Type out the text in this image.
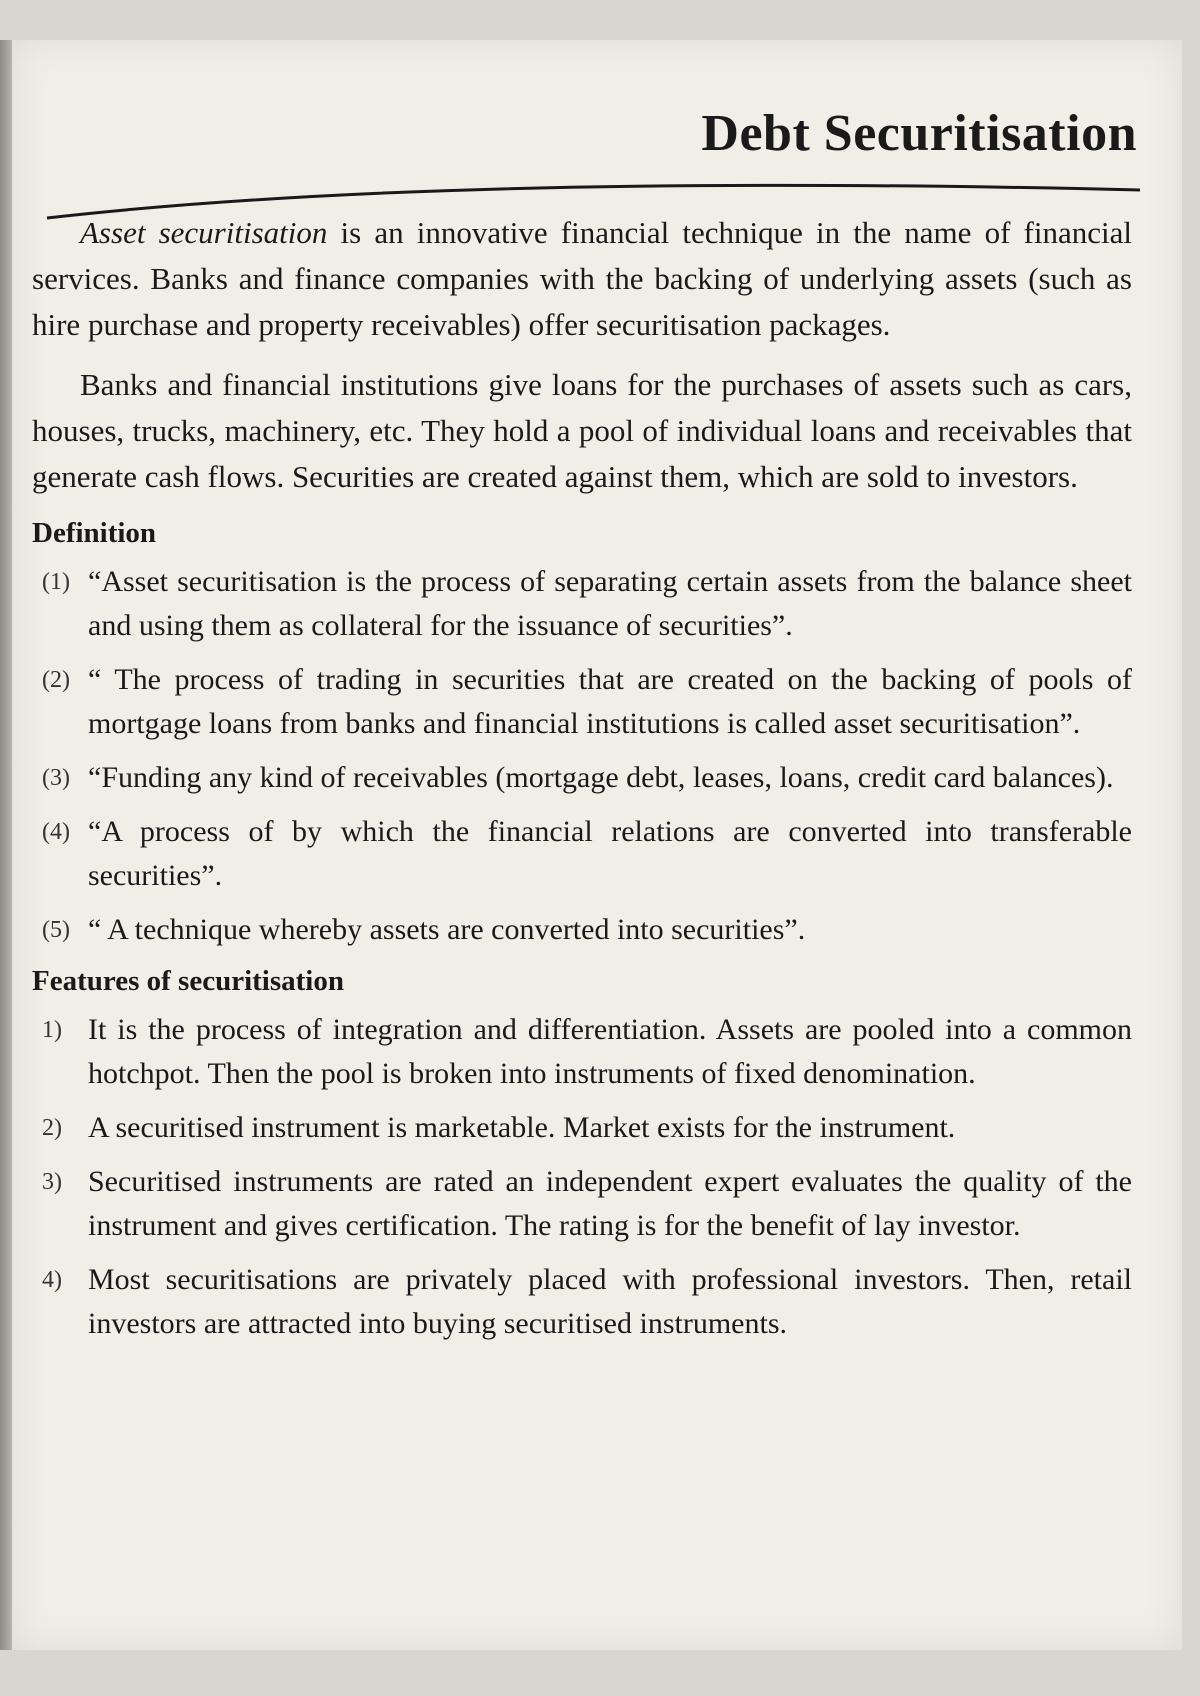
Debt Securitisation

Asset securitisation is an innovative financial technique in the name of financial services. Banks and finance companies with the backing of underlying assets (such as hire purchase and property receivables) offer securitisation packages.

Banks and financial institutions give loans for the purchases of assets such as cars, houses, trucks, machinery, etc. They hold a pool of individual loans and receivables that generate cash flows. Securities are created against them, which are sold to investors.

Definition
(1) “Asset securitisation is the process of separating certain assets from the balance sheet and using them as collateral for the issuance of securities”.
(2) “ The process of trading in securities that are created on the backing of pools of mortgage loans from banks and financial institutions is called asset securitisation”.
(3) “Funding any kind of receivables (mortgage debt, leases, loans, credit card balances).
(4) “A process of by which the financial relations are converted into transferable securities”.
(5) “ A technique whereby assets are converted into securities”.
Features of securitisation
1) It is the process of integration and differentiation. Assets are pooled into a common hotchpot. Then the pool is broken into instruments of fixed denomination.
2) A securitised instrument is marketable. Market exists for the instrument.
3) Securitised instruments are rated an independent expert evaluates the quality of the instrument and gives certification. The rating is for the benefit of lay investor.
4) Most securitisations are privately placed with professional investors. Then, retail investors are attracted into buying securitised instruments.
